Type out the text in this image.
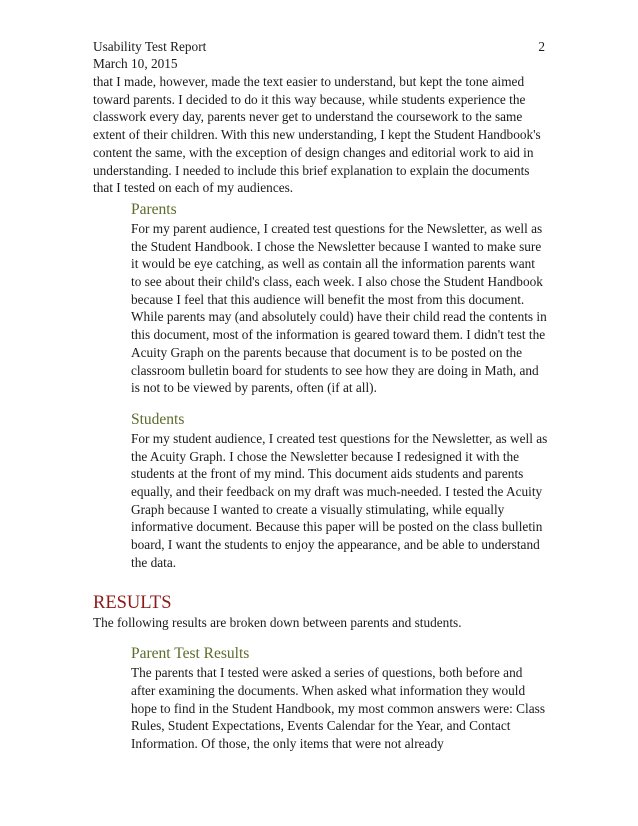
Usability Test Report	2
March 10, 2015

that I made, however, made the text easier to understand, but kept the tone aimed toward parents. I decided to do it this way because, while students experience the classwork every day, parents never get to understand the coursework to the same extent of their children. With this new understanding, I kept the Student Handbook's content the same, with the exception of design changes and editorial work to aid in understanding. I needed to include this brief explanation to explain the documents that I tested on each of my audiences.

Parents

For my parent audience, I created test questions for the Newsletter, as well as the Student Handbook. I chose the Newsletter because I wanted to make sure it would be eye catching, as well as contain all the information parents want to see about their child's class, each week. I also chose the Student Handbook because I feel that this audience will benefit the most from this document. While parents may (and absolutely could) have their child read the contents in this document, most of the information is geared toward them. I didn't test the Acuity Graph on the parents because that document is to be posted on the classroom bulletin board for students to see how they are doing in Math, and is not to be viewed by parents, often (if at all).

Students

For my student audience, I created test questions for the Newsletter, as well as the Acuity Graph. I chose the Newsletter because I redesigned it with the students at the front of my mind. This document aids students and parents equally, and their feedback on my draft was much-needed. I tested the Acuity Graph because I wanted to create a visually stimulating, while equally informative document. Because this paper will be posted on the class bulletin board, I want the students to enjoy the appearance, and be able to understand the data.

RESULTS

The following results are broken down between parents and students.

Parent Test Results

The parents that I tested were asked a series of questions, both before and after examining the documents. When asked what information they would hope to find in the Student Handbook, my most common answers were: Class Rules, Student Expectations, Events Calendar for the Year, and Contact Information. Of those, the only items that were not already
